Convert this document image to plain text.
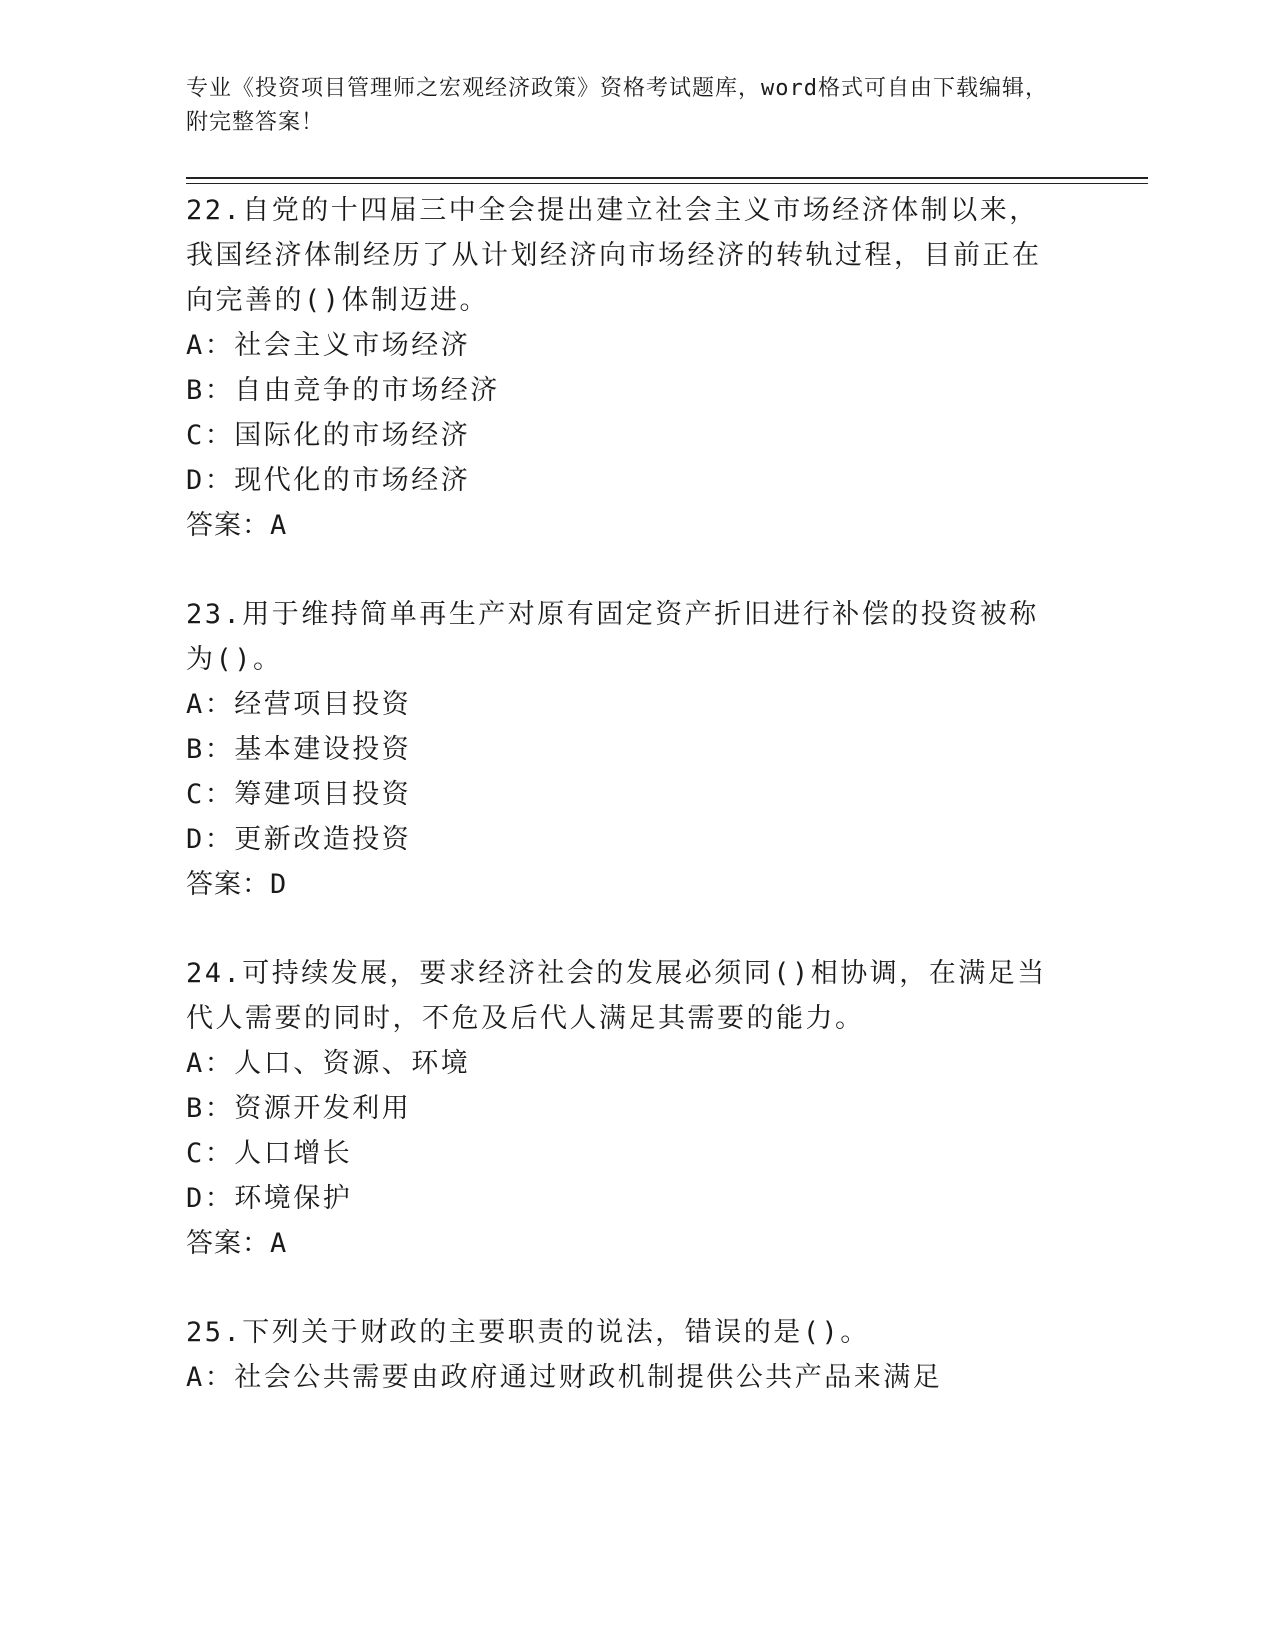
专业《投资项目管理师之宏观经济政策》资格考试题库，word格式可自由下载编辑，附完整答案！
22.自党的十四届三中全会提出建立社会主义市场经济体制以来，我国经济体制经历了从计划经济向市场经济的转轨过程，目前正在向完善的()体制迈进。
A：社会主义市场经济
B：自由竞争的市场经济
C：国际化的市场经济
D：现代化的市场经济
答案：A
23.用于维持简单再生产对原有固定资产折旧进行补偿的投资被称为()。
A：经营项目投资
B：基本建设投资
C：筹建项目投资
D：更新改造投资
答案：D
24.可持续发展，要求经济社会的发展必须同()相协调，在满足当代人需要的同时，不危及后代人满足其需要的能力。
A：人口、资源、环境
B：资源开发利用
C：人口增长
D：环境保护
答案：A
25.下列关于财政的主要职责的说法，错误的是()。
A：社会公共需要由政府通过财政机制提供公共产品来满足
